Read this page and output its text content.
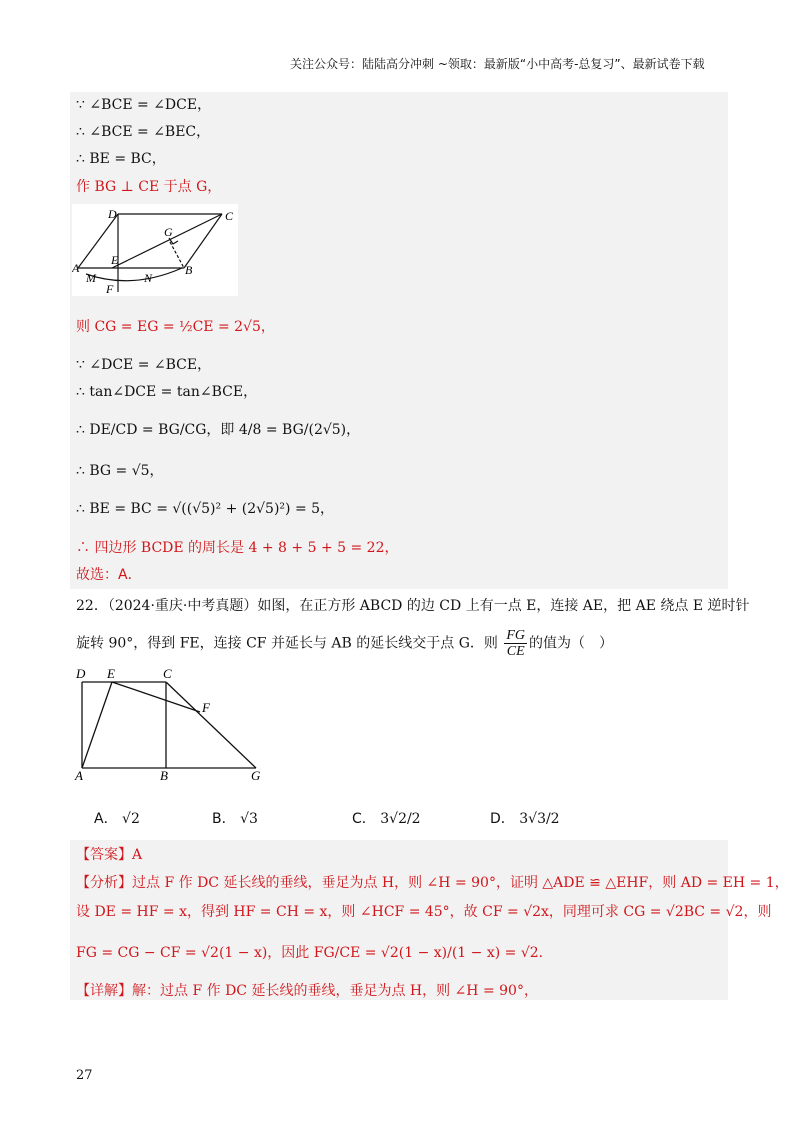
关注公众号：陆陆高分冲刺 ~领取：最新版“小中高考-总复习”、最新试卷下载
∵ ∠BCE = ∠DCE，
∴ ∠BCE = ∠BEC，
∴ BE = BC，
作 BG ⊥ CE 于点 G，
D	C
G
A
E
B
M	N
F
则 CG = EG = ½CE = 2√5，
∵ ∠DCE = ∠BCE，
∴ tan∠DCE = tan∠BCE，
∴ DE/CD = BG/CG，即 4/8 = BG/(2√5)，
∴ BG = √5，
∴ BE = BC = √((√5)² + (2√5)²) = 5，
∴ 四边形 BCDE 的周长是 4 + 8 + 5 + 5 = 22，
故选：A．
22．（2024·重庆·中考真题）如图，在正方形 ABCD 的边 CD 上有一点 E，连接 AE，把 AE 绕点 E 逆时针
旋转 90°，得到 FE，连接 CF 并延长与 AB 的延长线交于点 G．则 $\frac{FG}{CE}$ 的值为（　）
D E	C
F
A	B	G
A． √2	B． √3	C． 3√2/2	D． 3√3/2
【答案】A
【分析】过点 F 作 DC 延长线的垂线，垂足为点 H，则 ∠H = 90°，证明 △ADE ≌ △EHF，则 AD = EH = 1，
设 DE = HF = x，得到 HF = CH = x，则 ∠HCF = 45°，故 CF = √2x，同理可求 CG = √2BC = √2，则
FG = CG − CF = √2(1 − x)，因此 FG/CE = √2(1 − x)/(1 − x) = √2．
【详解】解：过点 F 作 DC 延长线的垂线，垂足为点 H，则 ∠H = 90°，
27
